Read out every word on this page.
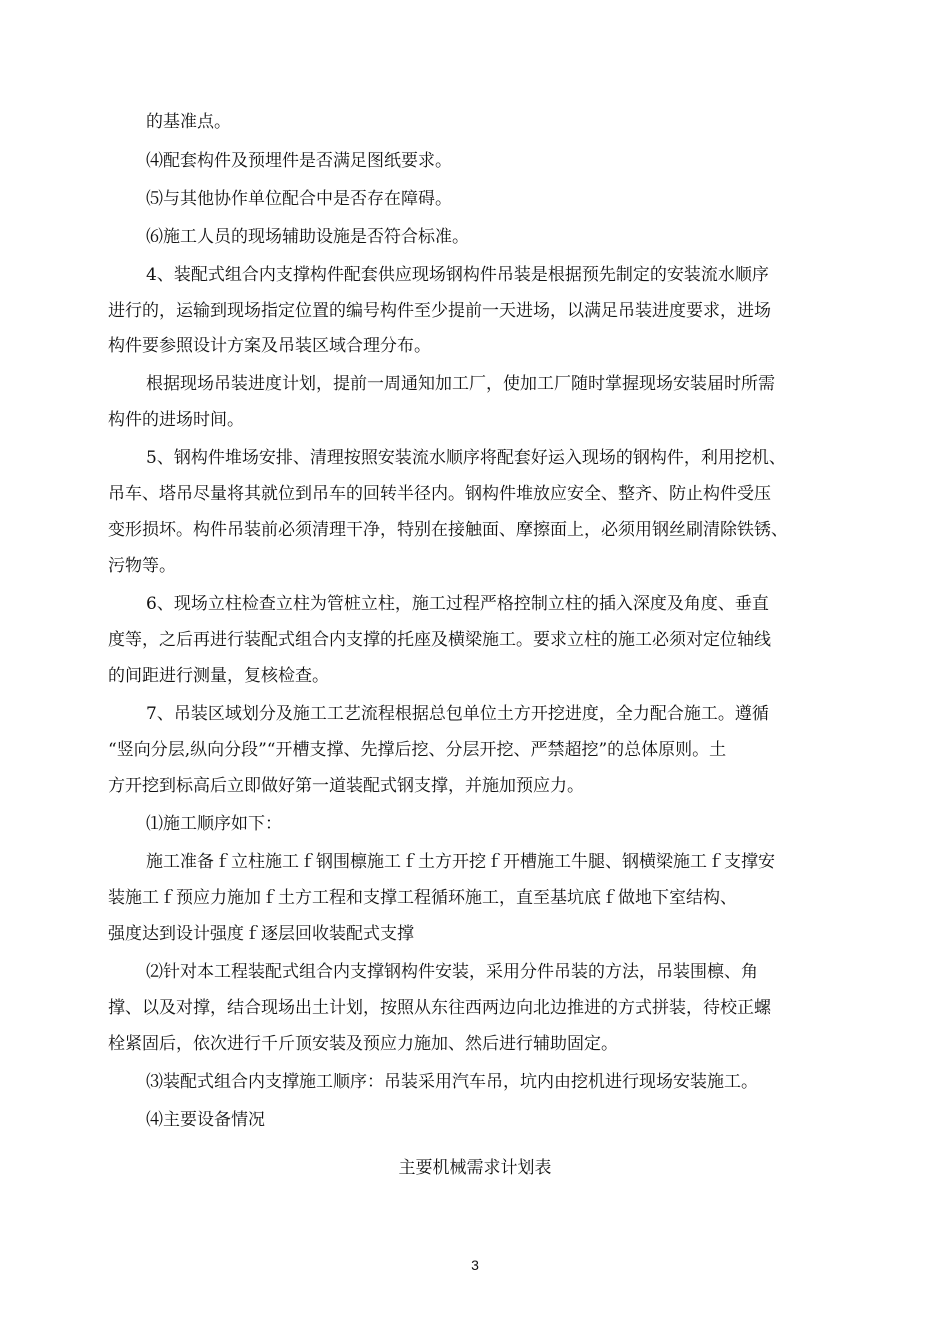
的基准点。
⑷配套构件及预埋件是否满足图纸要求。
⑸与其他协作单位配合中是否存在障碍。
⑹施工人员的现场辅助设施是否符合标准。
4、装配式组合内支撑构件配套供应现场钢构件吊装是根据预先制定的安装流水顺序
进行的，运输到现场指定位置的编号构件至少提前一天进场，以满足吊装进度要求，进场
构件要参照设计方案及吊装区域合理分布。
根据现场吊装进度计划，提前一周通知加工厂，使加工厂随时掌握现场安装届时所需
构件的进场时间。
5、钢构件堆场安排、清理按照安装流水顺序将配套好运入现场的钢构件，利用挖机、
吊车、塔吊尽量将其就位到吊车的回转半径内。钢构件堆放应安全、整齐、防止构件受压
变形损坏。构件吊装前必须清理干净，特别在接触面、摩擦面上，必须用钢丝刷清除铁锈、
污物等。
6、现场立柱检查立柱为管桩立柱，施工过程严格控制立柱的插入深度及角度、垂直
度等，之后再进行装配式组合内支撑的托座及横梁施工。要求立柱的施工必须对定位轴线
的间距进行测量，复核检查。
7、吊装区域划分及施工工艺流程根据总包单位土方开挖进度，全力配合施工。遵循
“竖向分层,纵向分段”“开槽支撑、先撑后挖、分层开挖、严禁超挖”的总体原则。土
方开挖到标高后立即做好第一道装配式钢支撑，并施加预应力。
⑴施工顺序如下：
施工准备ｆ立柱施工ｆ钢围檩施工ｆ土方开挖ｆ开槽施工牛腿、钢横梁施工ｆ支撑安
装施工ｆ预应力施加ｆ土方工程和支撑工程循环施工，直至基坑底ｆ做地下室结构、
强度达到设计强度ｆ逐层回收装配式支撑
⑵针对本工程装配式组合内支撑钢构件安装，采用分件吊装的方法，吊装围檩、角
撑、以及对撑，结合现场出土计划，按照从东往西两边向北边推进的方式拼装，待校正螺
栓紧固后，依次进行千斤顶安装及预应力施加、然后进行辅助固定。
⑶装配式组合内支撑施工顺序：吊装采用汽车吊，坑内由挖机进行现场安装施工。
⑷主要设备情况
主要机械需求计划表
3
